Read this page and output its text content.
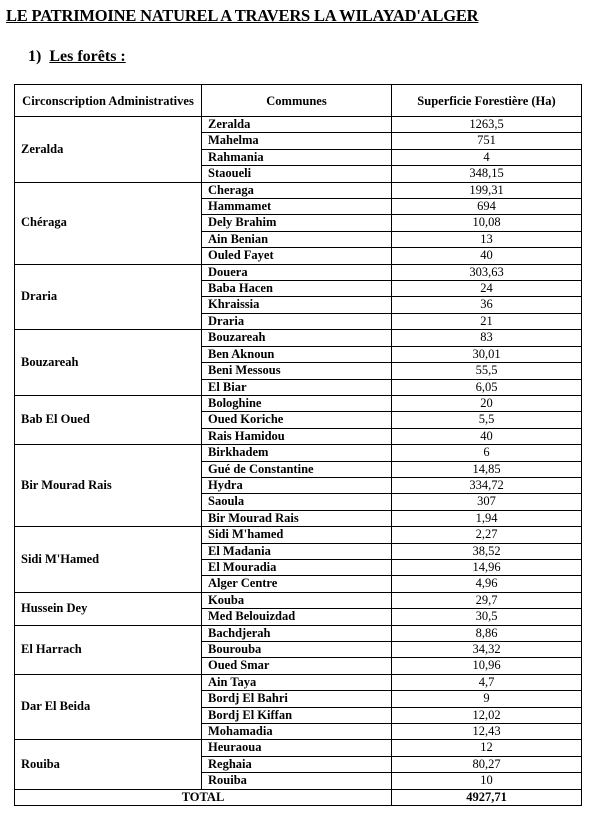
LE PATRIMOINE NATUREL A TRAVERS LA WILAYAD'ALGER
1) Les forêts :
Circonscription Administratives	Communes	Superficie Forestière (Ha)
Zeralda	Zeralda	1263,5
	Mahelma	751
	Rahmania	4
	Staoueli	348,15
Chéraga	Cheraga	199,31
	Hammamet	694
	Dely Brahim	10,08
	Ain Benian	13
	Ouled Fayet	40
Draria	Douera	303,63
	Baba Hacen	24
	Khraissia	36
	Draria	21
Bouzareah	Bouzareah	83
	Ben Aknoun	30,01
	Beni Messous	55,5
	El Biar	6,05
Bab El Oued	Bologhine	20
	Oued Koriche	5,5
	Rais Hamidou	40
Bir Mourad Rais	Birkhadem	6
	Gué de Constantine	14,85
	Hydra	334,72
	Saoula	307
	Bir Mourad Rais	1,94
Sidi M'Hamed	Sidi M'hamed	2,27
	El Madania	38,52
	El Mouradia	14,96
	Alger Centre	4,96
Hussein Dey	Kouba	29,7
	Med Belouizdad	30,5
El Harrach	Bachdjerah	8,86
	Bourouba	34,32
	Oued Smar	10,96
Dar El Beida	Ain Taya	4,7
	Bordj El Bahri	9
	Bordj El Kiffan	12,02
	Mohamadia	12,43
Rouiba	Heuraoua	12
	Reghaia	80,27
	Rouiba	10
TOTAL		4927,71
